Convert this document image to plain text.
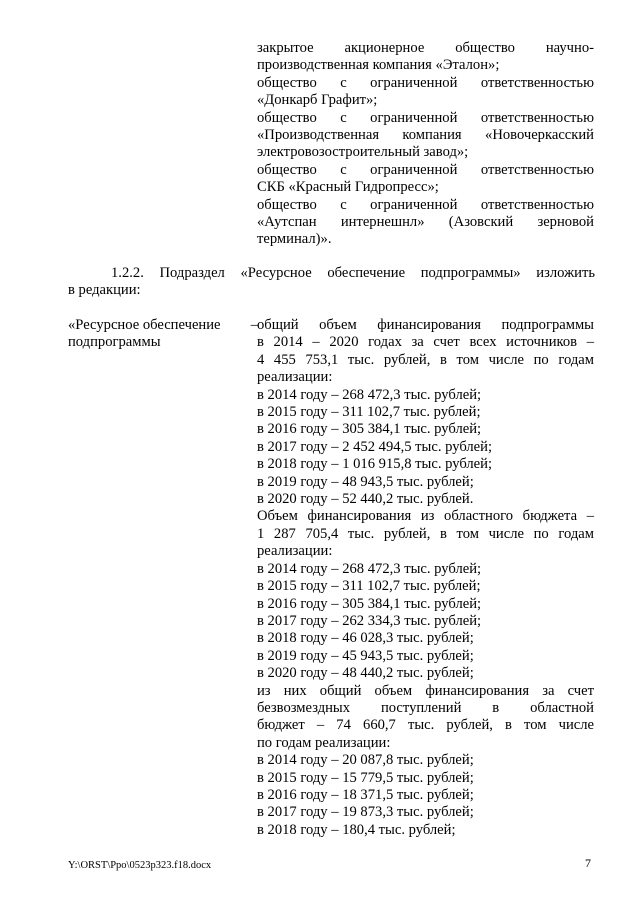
закрытое акционерное общество научно-

производственная компания «Эталон»;

общество с ограниченной ответственностью

«Донкарб Графит»;

общество с ограниченной ответственностью

«Производственная компания «Новочеркасский

электровозостроительный завод»;

общество с ограниченной ответственностью

СКБ «Красный Гидропресс»;

общество с ограниченной ответственностью

«Аутспан интернешнл» (Азовский зерновой

терминал)».

1.2.2. Подраздел «Ресурсное обеспечение подпрограммы» изложить

в редакции:

«Ресурсное обеспечение –
подпрограммы

общий объем финансирования подпрограммы

в 2014 – 2020 годах за счет всех источников –

4 455 753,1 тыс. рублей, в том числе по годам

реализации:

в 2014 году – 268 472,3 тыс. рублей;

в 2015 году – 311 102,7 тыс. рублей;

в 2016 году – 305 384,1 тыс. рублей;

в 2017 году – 2 452 494,5 тыс. рублей;

в 2018 году – 1 016 915,8 тыс. рублей;

в 2019 году – 48 943,5 тыс. рублей;

в 2020 году – 52 440,2 тыс. рублей.

Объем финансирования из областного бюджета –

1 287 705,4 тыс. рублей, в том числе по годам

реализации:

в 2014 году – 268 472,3 тыс. рублей;

в 2015 году – 311 102,7 тыс. рублей;

в 2016 году – 305 384,1 тыс. рублей;

в 2017 году – 262 334,3 тыс. рублей;

в 2018 году – 46 028,3 тыс. рублей;

в 2019 году – 45 943,5 тыс. рублей;

в 2020 году – 48 440,2 тыс. рублей;

из них общий объем финансирования за счет

безвозмездных поступлений в областной

бюджет – 74 660,7 тыс. рублей, в том числе

по годам реализации:

в 2014 году – 20 087,8 тыс. рублей;

в 2015 году – 15 779,5 тыс. рублей;

в 2016 году – 18 371,5 тыс. рублей;

в 2017 году – 19 873,3 тыс. рублей;

в 2018 году – 180,4 тыс. рублей;

Y:\ORST\Ppo\0523p323.f18.docx	7
